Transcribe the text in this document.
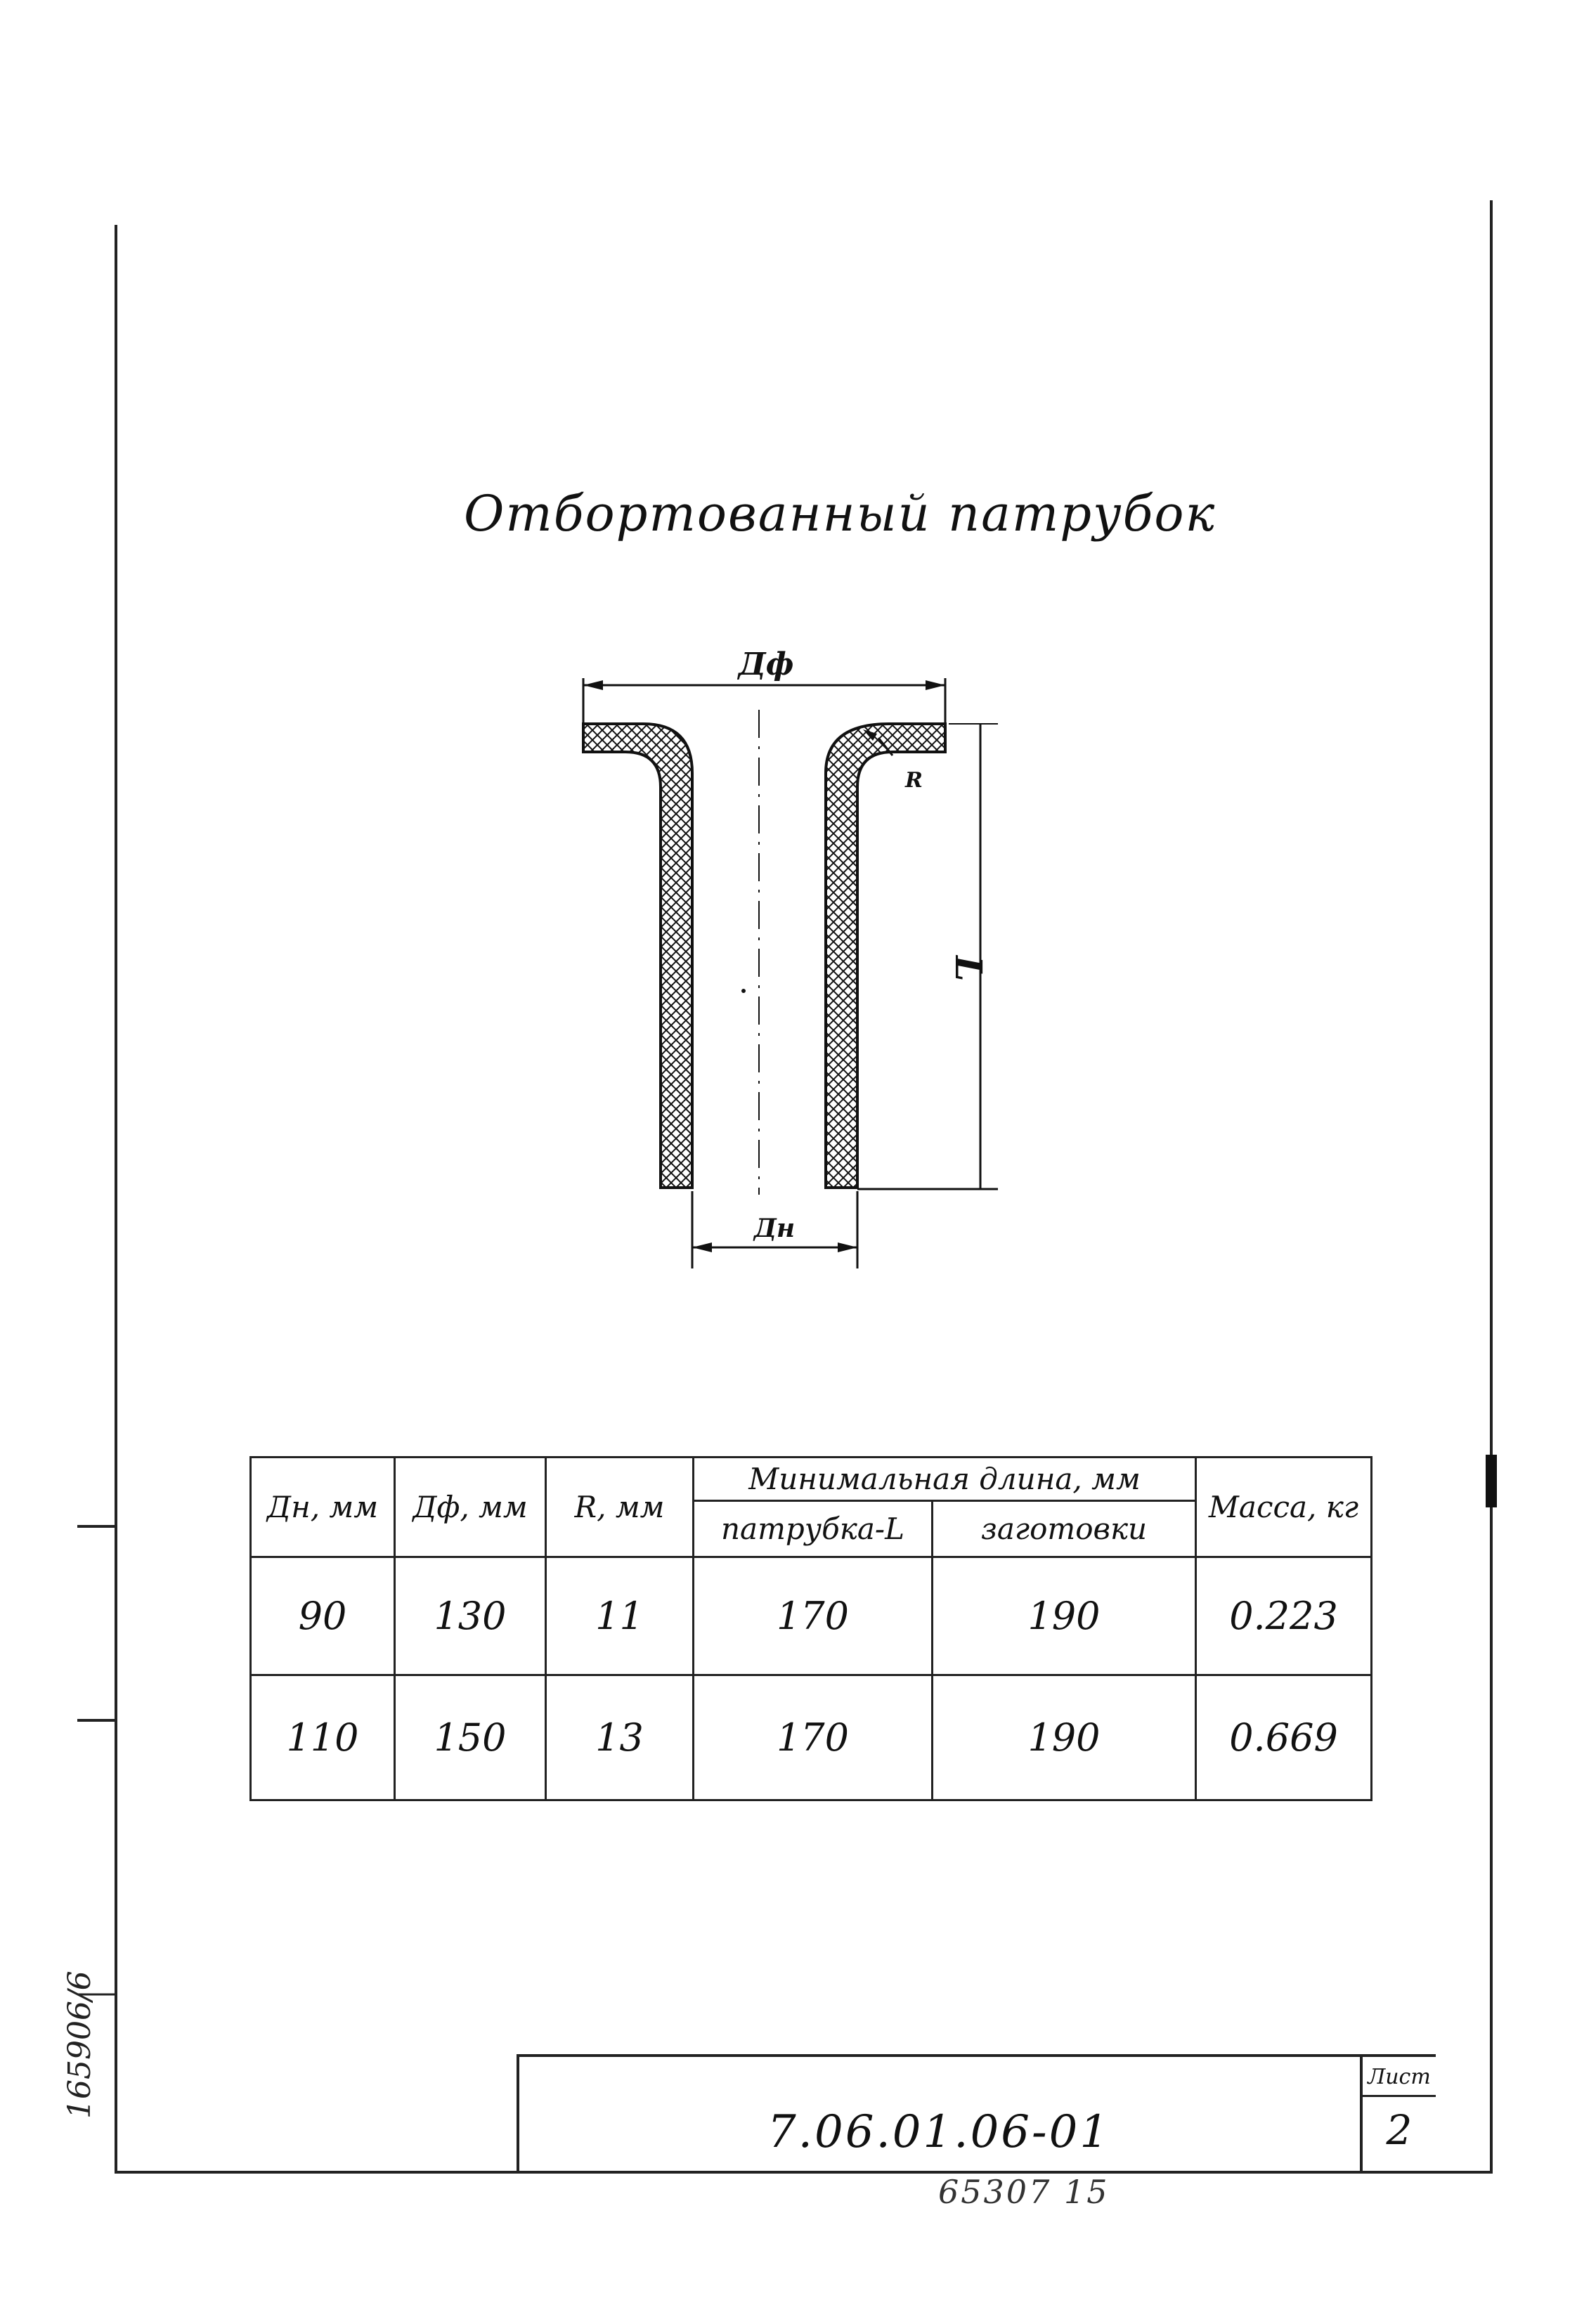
Отбортованный патрубок
Дф
R
L
Дн
Дн, мм	Дф, мм	R, мм	Минимальная длина, мм		Масса, кг
			патрубка-L	заготовки	
90	130	11	170	190	0.223
110	150	13	170	190	0.669
7.06.01.06-01
Лист
2
65307 15
165906/6
